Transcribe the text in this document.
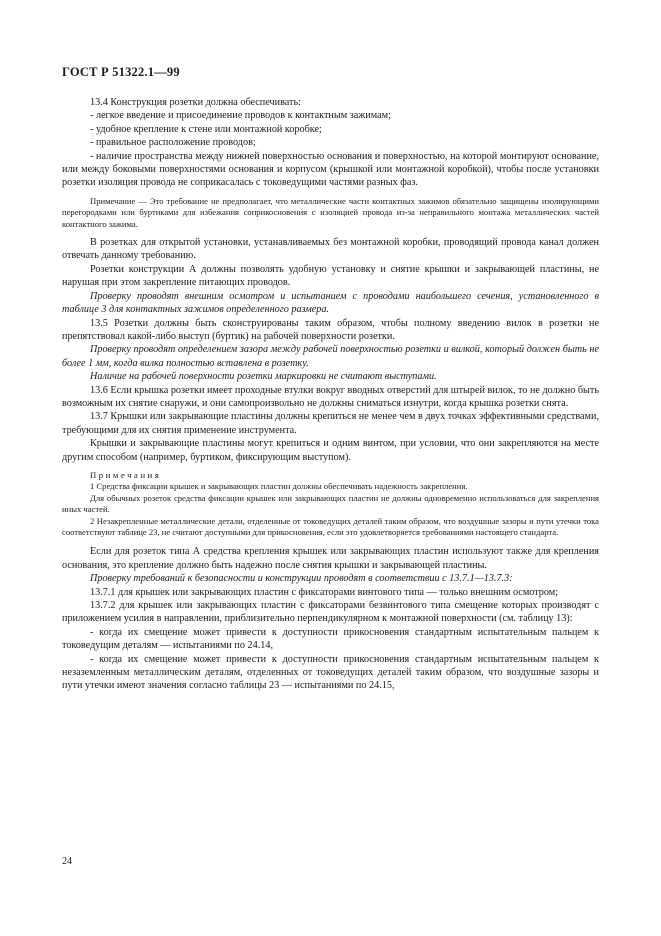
ГОСТ Р 51322.1—99

13.4 Конструкция розетки должна обеспечивать:

- легкое введение и присоединение проводов к контактным зажимам;

- удобное крепление к стене или монтажной коробке;

- правильное расположение проводов;

- наличие пространства между нижней поверхностью основания и поверхностью, на которой монтируют основание, или между боковыми поверхностями основания и корпусом (крышкой или монтажной коробкой), чтобы после установки розетки изоляция провода не соприкасалась с токоведущими частями разных фаз.

Примечание — Это требование не предполагает, что металлические части контактных зажимов обязательно защищены изолирующими перегородками или буртиками для избежания соприкосновения с изоляцией провода из-за неправильного монтажа металлических частей контактного зажима.

В розетках для открытой установки, устанавливаемых без монтажной коробки, проводящий провода канал должен отвечать данному требованию.

Розетки конструкции А должны позволять удобную установку и снятие крышки и закрывающей пластины, не нарушая при этом закрепление питающих проводов.

Проверку проводят внешним осмотром и испытанием с проводами наибольшего сечения, установленного в таблице 3 для контактных зажимов определенного размера.

13.5 Розетки должны быть сконструированы таким образом, чтобы полному введению вилок в розетки не препятствовал какой-либо выступ (буртик) на рабочей поверхности розетки.

Проверку проводят определением зазора между рабочей поверхностью розетки и вилкой, который должен быть не более 1 мм, когда вилка полностью вставлена в розетку.

Наличие на рабочей поверхности розетки маркировки не считают выступами.

13.6 Если крышка розетки имеет проходные втулки вокруг вводных отверстий для штырей вилок, то не должно быть возможным их снятие снаружи, и они самопроизвольно не должны сниматься изнутри, когда крышка розетки снята.

13.7 Крышки или закрывающие пластины должны крепиться не менее чем в двух точках эффективными средствами, требующими для их снятия применение инструмента.

Крышки и закрывающие пластины могут крепиться и одним винтом, при условии, что они закрепляются на месте другим способом (например, буртиком, фиксирующим выступом).

Примечания

1 Средства фиксации крышек и закрывающих пластин должны обеспечивать надежность закрепления.

Для обычных розеток средства фиксации крышек или закрывающих пластин не должны одновременно использоваться для закрепления иных частей.

2 Незакрепленные металлические детали, отделенные от токоведущих деталей таким образом, что воздушные зазоры и пути утечки тока соответствуют таблице 23, не считают доступными для прикосновения, если это удовлетворяется требованиями настоящего стандарта.

Если для розеток типа А средства крепления крышек или закрывающих пластин используют также для крепления основания, это крепление должно быть надежно после снятия крышки и закрывающей пластины.

Проверку требований к безопасности и конструкции проводят в соответствии с 13.7.1—13.7.3:

13.7.1 для крышек или закрывающих пластин с фиксаторами винтового типа — только внешним осмотром;

13.7.2 для крышек или закрывающих пластин с фиксаторами безвинтового типа смещение которых производят с приложением усилия в направлении, приблизительно перпендикулярном к монтажной поверхности (см. таблицу 13):

- когда их смещение может привести к доступности прикосновения стандартным испытательным пальцем к токоведущим деталям — испытаниями по 24.14,

- когда их смещение может привести к доступности прикосновения стандартным испытательным пальцем к незаземленным металлическим деталям, отделенных от токоведущих деталей таким образом, что воздушные зазоры и пути утечки имеют значения согласно таблицы 23 — испытаниями по 24.15,

24
